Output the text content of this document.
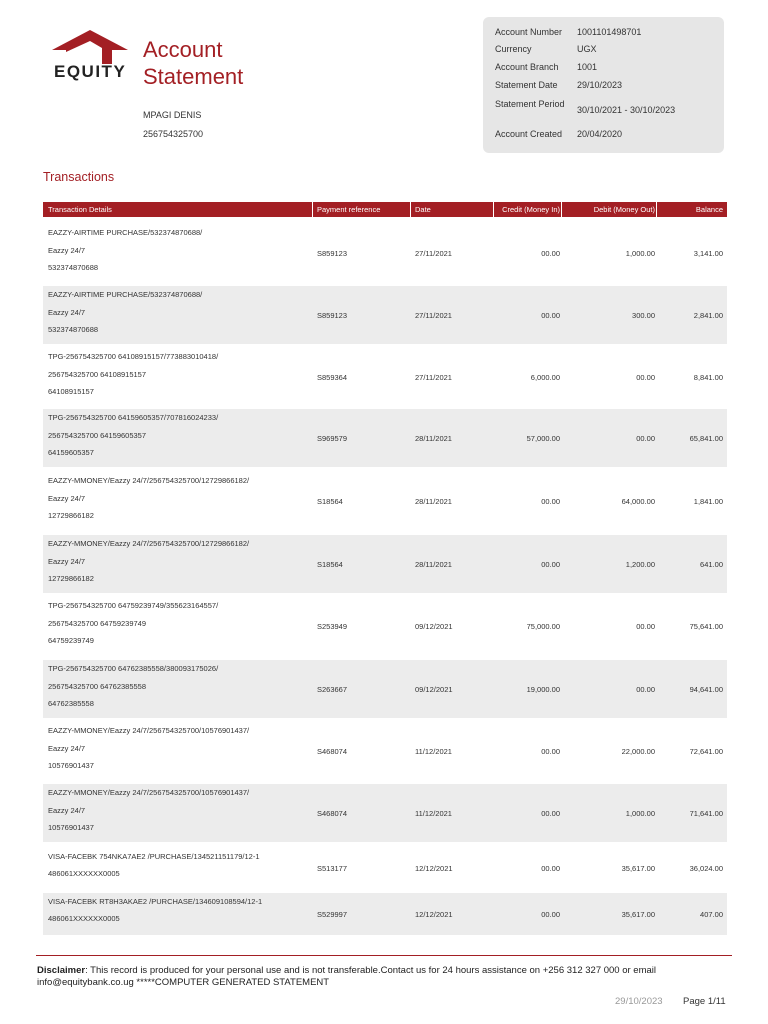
EQUITY
Account
Statement
MPAGI DENIS
256754325700
Account Number	1001101498701
Currency	UGX
Account Branch	1001
Statement Date	29/10/2023
Statement Period
30/10/2021 - 30/10/2023
Account Created	20/04/2020
Transactions
Transaction Details	Payment reference	Date	Credit (Money In)	Debit (Money Out)	Balance
EAZZY-AIRTIME PURCHASE/532374870688/
Eazzy 24/7
532374870688
S859123	27/11/2021	00.00	1,000.00	3,141.00
EAZZY-AIRTIME PURCHASE/532374870688/
Eazzy 24/7
532374870688
S859123	27/11/2021	00.00	300.00	2,841.00
TPG-256754325700 64108915157/773883010418/
256754325700 64108915157
64108915157
S859364	27/11/2021	6,000.00	00.00	8,841.00
TPG-256754325700 64159605357/707816024233/
256754325700 64159605357
64159605357
S969579	28/11/2021	57,000.00	00.00	65,841.00
EAZZY-MMONEY/Eazzy 24/7/256754325700/12729866182/
Eazzy 24/7
12729866182
S18564	28/11/2021	00.00	64,000.00	1,841.00
EAZZY-MMONEY/Eazzy 24/7/256754325700/12729866182/
Eazzy 24/7
12729866182
S18564	28/11/2021	00.00	1,200.00	641.00
TPG-256754325700 64759239749/355623164557/
256754325700 64759239749
64759239749
S253949	09/12/2021	75,000.00	00.00	75,641.00
TPG-256754325700 64762385558/380093175026/
256754325700 64762385558
64762385558
S263667	09/12/2021	19,000.00	00.00	94,641.00
EAZZY-MMONEY/Eazzy 24/7/256754325700/10576901437/
Eazzy 24/7
10576901437
S468074	11/12/2021	00.00	22,000.00	72,641.00
EAZZY-MMONEY/Eazzy 24/7/256754325700/10576901437/
Eazzy 24/7
10576901437
S468074	11/12/2021	00.00	1,000.00	71,641.00
VISA-FACEBK 754NKA7AE2 /PURCHASE/134521151179/12-1
486061XXXXXX0005
S513177	12/12/2021	00.00	35,617.00	36,024.00
VISA-FACEBK RT8H3AKAE2 /PURCHASE/134609108594/12-1
486061XXXXXX0005	S529997	12/12/2021	00.00	35,617.00	407.00
Disclaimer: This record is produced for your personal use and is not transferable.Contact us for 24 hours assistance on +256 312 327 000 or email info@equitybank.co.ug *****COMPUTER GENERATED STATEMENT
29/10/2023 Page 1/11
